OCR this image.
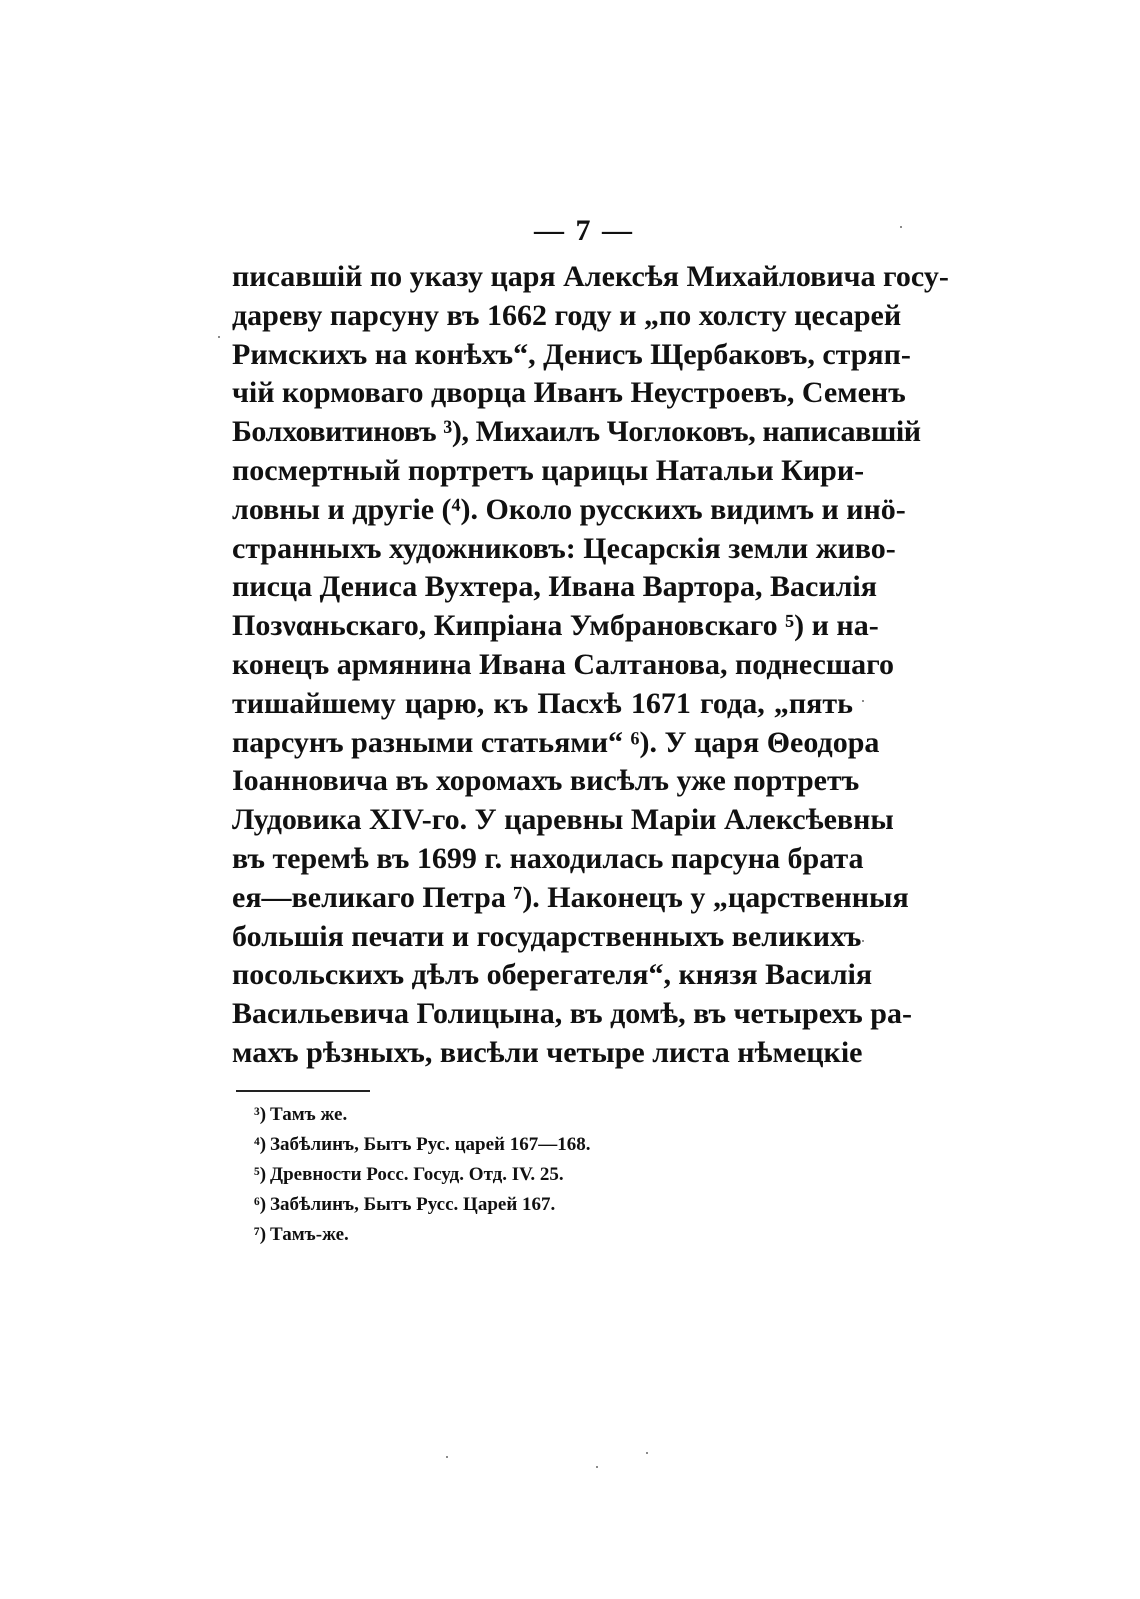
— 7 —
писавшій по указу царя Алексѣя Михайловича госу-
дареву парсуну въ 1662 году и „по холсту цесарей
Римскихъ на конѣхъ“, Денисъ Щербаковъ, стряп-
чій кормоваго дворца Иванъ Неустроевъ, Семенъ
Болховитиновъ ³), Михаилъ Чоглоковъ, написавшій
посмертный портретъ царицы Натальи Кири-
ловны и другіе (⁴). Около русскихъ видимъ и инӧ-
странныхъ художниковъ: Цесарскія земли живо-
писца Дениса Вухтера, Ивана Вартора, Василія
Позναньскаго, Кипріана Умбрановскаго ⁵) и на-
конецъ армянина Ивана Салтанова, поднесшаго
тишайшему царю, къ Пасхѣ 1671 года, „пять
парсунъ разными статьями“ ⁶). У царя Θеодора
Іоанновича въ хоромахъ висѣлъ уже портретъ
Лудовика XIV-го. У царевны Маріи Алексѣевны
въ теремѣ въ 1699 г. находилась парсуна брата
ея—великаго Петра ⁷). Наконецъ у „царственныя
большія печати и государственныхъ великихъ
посольскихъ дѣлъ оберегателя“, князя Василія
Васильевича Голицына, въ домѣ, въ четырехъ ра-
махъ рѣзныхъ, висѣли четыре листа нѣмецкіе
³) Тамъ же.
⁴) Забѣлинъ, Бытъ Рус. царей 167—168.
⁵) Древности Росс. Госуд. Отд. IV. 25.
⁶) Забѣлинъ, Бытъ Русс. Царей 167.
⁷) Тамъ-же.
